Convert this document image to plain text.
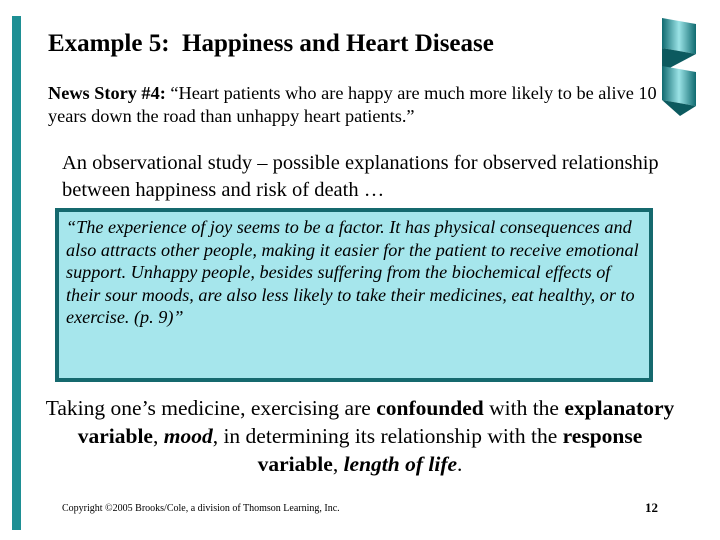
Example 5:  Happiness and Heart Disease
News Story #4: “Heart patients who are happy are much more likely to be alive 10 years down the road than unhappy heart patients.”
An observational study – possible explanations for observed relationship between happiness and risk of death …
“The experience of joy seems to be a factor. It has physical consequences and also attracts other people, making it easier for the patient to receive emotional support. Unhappy people, besides suffering from the biochemical effects of their sour moods, are also less likely to take their medicines, eat healthy, or to exercise. (p. 9)”
Taking one’s medicine, exercising are confounded with the explanatory variable, mood, in determining its relationship with the response variable, length of life.
Copyright ©2005 Brooks/Cole, a division of Thomson Learning, Inc.	12
